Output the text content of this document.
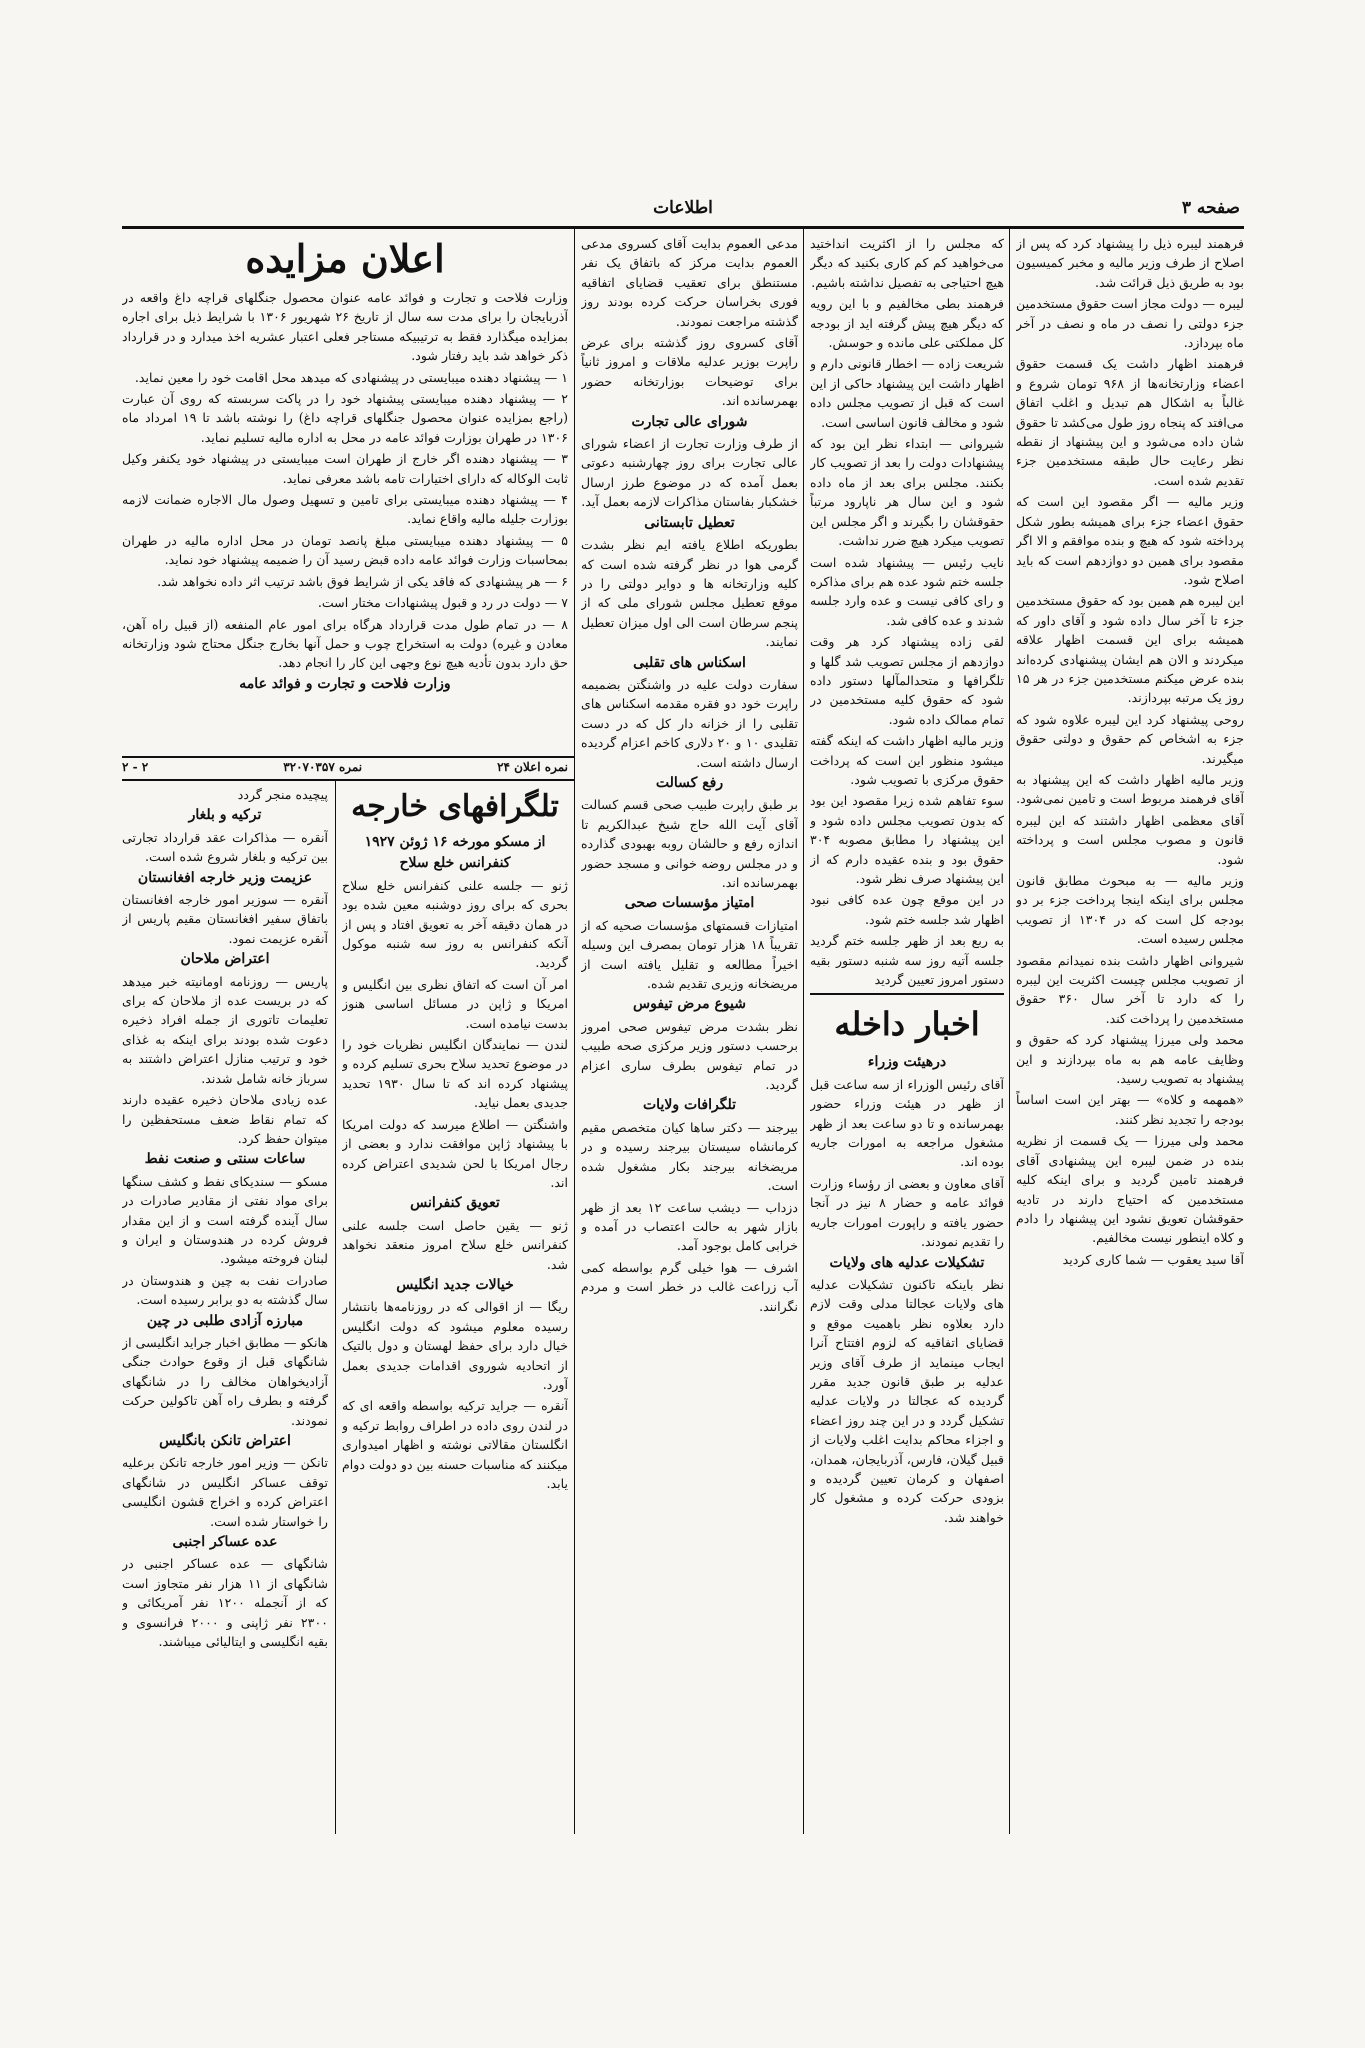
صفحه ۳
اطلاعات

فرهمند لیبره ذیل را پیشنهاد کرد که پس از اصلاح از طرف وزیر مالیه و مخبر کمیسیون بود به طریق ذیل قرائت شد.

لیبره — دولت مجاز است حقوق مستخدمین جزء دولتی را نصف در ماه و نصف در آخر ماه بپردازد.

فرهمند اظهار داشت یک قسمت حقوق اعضاء وزارتخانه‌ها از ۹۶۸ تومان شروع و غالباً به اشکال هم تبدیل و اغلب اتفاق می‌افتد که پنجاه روز طول می‌کشد تا حقوق شان داده می‌شود و این پیشنهاد از نقطه نظر رعایت حال طبقه مستخدمین جزء تقدیم شده است.

وزیر مالیه — اگر مقصود این است که حقوق اعضاء جزء برای همیشه بطور شکل پرداخته شود که هیچ و بنده موافقم و الا اگر مقصود برای همین دو دوازدهم است که باید اصلاح شود.

این لیبره هم همین بود که حقوق مستخدمین جزء تا آخر سال داده شود و آقای داور که همیشه برای این قسمت اظهار علاقه میکردند و الان هم ایشان پیشنهادی کرده‌اند بنده عرض میکنم مستخدمین جزء در هر ۱۵ روز یک مرتبه بپردازند.

روحی پیشنهاد کرد این لیبره علاوه شود که جزء به اشخاص کم حقوق و دولتی حقوق میگیرند.

وزیر مالیه اظهار داشت که این پیشنهاد به آقای فرهمند مربوط است و تامین نمی‌شود.

آقای معظمی اظهار داشتند که این لیبره قانون و مصوب مجلس است و پرداخته شود.

وزیر مالیه — به مبحوث مطابق قانون مجلس برای اینکه اینجا پرداخت جزء بر دو بودجه کل است که در ۱۳۰۴ از تصویب مجلس رسیده است.

شیروانی اظهار داشت بنده نمیدانم مقصود از تصویب مجلس چیست اکثریت این لیبره را که دارد تا آخر سال ۳۶۰ حقوق مستخدمین را پرداخت کند.

محمد ولی میرزا پیشنهاد کرد که حقوق و وظایف عامه هم به ماه بپردازند و این پیشنهاد به تصویب رسید.

«همهمه و کلاه» — بهتر این است اساساً بودجه را تجدید نظر کنند.

محمد ولی میرزا — یک قسمت از نظریه بنده در ضمن لیبره این پیشنهادی آقای فرهمند تامین گردید و برای اینکه کلیه مستخدمین که احتیاج دارند در تادیه حقوقشان تعویق نشود این پیشنهاد را دادم و کلاه اینطور نیست مخالفیم.

آقا سید یعقوب — شما کاری کردید

که مجلس را از اکثریت انداختید می‌خواهید کم کم کاری بکنید که دیگر هیچ احتیاجی به تفصیل نداشته باشیم.

فرهمند بطی مخالفیم و با این رویه که دیگر هیچ پیش گرفته اید از بودجه کل مملکتی علی مانده و حوسش.

شریعت زاده — اخطار قانونی دارم و اظهار داشت این پیشنهاد حاکی از این است که قبل از تصویب مجلس داده شود و مخالف قانون اساسی است.

شیروانی — ابتداء نظر این بود که پیشنهادات دولت را بعد از تصویب کار بکنند. مجلس برای بعد از ماه داده شود و این سال هر ناپارود مرتباً حقوقشان را بگیرند و اگر مجلس این تصویب میکرد هیچ ضرر نداشت.

نایب رئیس — پیشنهاد شده است جلسه ختم شود عده هم برای مذاکره و رای کافی نیست و عده وارد جلسه شدند و عده کافی شد.

لقی زاده پیشنهاد کرد هر وقت دوازدهم از مجلس تصویب شد گلها و تلگرافها و متحدالمآلها دستور داده شود که حقوق کلیه مستخدمین در تمام ممالک داده شود.

وزیر مالیه اظهار داشت که اینکه گفته میشود منظور این است که پرداخت حقوق مرکزی با تصویب شود.

سوء تفاهم شده زیرا مقصود این بود که بدون تصویب مجلس داده شود و این پیشنهاد را مطابق مصوبه ۳۰۴ حقوق بود و بنده عقیده دارم که از این پیشنهاد صرف نظر شود.

در این موقع چون عده کافی نبود اظهار شد جلسه ختم شود.

به ربع بعد از ظهر جلسه ختم گردید جلسه آتیه روز سه شنبه دستور بقیه دستور امروز تعیین گردید

اخبار داخله
درهیئت وزراء

آقای رئیس الوزراء از سه ساعت قبل از ظهر در هیئت وزراء حضور بهمرسانده و تا دو ساعت بعد از ظهر مشغول مراجعه به امورات جاریه بوده اند.

آقای معاون و بعضی از رؤساء وزارت فوائد عامه و حضار ۸ نیز در آنجا حضور یافته و راپورت امورات جاریه را تقدیم نمودند.

تشکیلات عدلیه های ولایات

نظر باینکه تاکنون تشکیلات عدلیه های ولایات عجالتا مدلی وقت لازم دارد بعلاوه نظر باهمیت موقع و قضایای اتفاقیه که لزوم افتتاح آنرا ایجاب مینماید از طرف آقای وزیر عدلیه بر طبق قانون جدید مقرر گردیده که عجالتا در ولایات عدلیه تشکیل گردد و در این چند روز اعضاء و اجزاء محاکم بدایت اغلب ولایات از قبیل گیلان، فارس، آذربایجان، همدان، اصفهان و کرمان تعیین گردیده و بزودی حرکت کرده و مشغول کار خواهند شد.

مدعی العموم بدایت آقای کسروی مدعی العموم بدایت مرکز که باتفاق یک نفر مستنطق برای تعقیب قضایای اتفاقیه فوری بخراسان حرکت کرده بودند روز گذشته مراجعت نمودند.

آقای کسروی روز گذشته برای عرض راپرت بوزیر عدلیه ملاقات و امروز ثانیاً برای توضیحات بوزارتخانه حضور بهمرسانده اند.

شورای عالی تجارت

از طرف وزارت تجارت از اعضاء شورای عالی تجارت برای روز چهارشنبه دعوتی بعمل آمده که در موضوع طرز ارسال خشکبار بفاستان مذاکرات لازمه بعمل آید.

تعطیل تابستانی

بطوریکه اطلاع یافته ایم نظر بشدت گرمی هوا در نظر گرفته شده است که کلیه وزارتخانه ها و دوایر دولتی را در موقع تعطیل مجلس شورای ملی که از پنجم سرطان است الی اول میزان تعطیل نمایند.

اسکناس های تقلبی

سفارت دولت علیه در واشنگتن بضمیمه راپرت خود دو فقره مقدمه اسکناس های تقلبی را از خزانه دار کل که در دست تقلیدی ۱۰ و ۲۰ دلاری کاخم اعزام گردیده ارسال داشته است.

رفع کسالت

بر طبق راپرت طبیب صحی قسم کسالت آقای آیت الله حاج شیخ عبدالکریم تا اندازه رفع و حالشان روبه بهبودی گذارده و در مجلس روضه خوانی و مسجد حضور بهمرسانده اند.

امتیاز مؤسسات صحی

امتیازات قسمتهای مؤسسات صحیه که از تقریباً ۱۸ هزار تومان بمصرف این وسیله اخیراً مطالعه و تقلیل یافته است از مریضخانه وزیری تقدیم شده.

شیوع مرض تیفوس

نظر بشدت مرض تیفوس صحی امروز برحسب دستور وزیر مرکزی صحه طبیب در تمام تیفوس بطرف ساری اعزام گردید.

تلگرافات ولایات

بیرجند — دکتر ساها کیان متخصص مقیم کرمانشاه سیستان بیرجند رسیده و در مریضخانه بیرجند بکار مشغول شده است.

دزداب — دیشب ساعت ۱۲ بعد از ظهر بازار شهر به حالت اعتصاب در آمده و خرابی کامل بوجود آمد.

اشرف — هوا خیلی گرم بواسطه کمی آب زراعت غالب در خطر است و مردم نگرانند.

اعلان مزایده

وزارت فلاحت و تجارت و فوائد عامه عنوان محصول جنگلهای قراچه داغ واقعه در آذربایجان را برای مدت سه سال از تاریخ ۲۶ شهریور ۱۳۰۶ با شرایط ذیل برای اجاره بمزایده میگذارد فقط به ترتیبیکه مستاجر فعلی اعتبار عشریه اخذ میدارد و در قرارداد ذکر خواهد شد باید رفتار شود.

۱ — پیشنهاد دهنده میبایستی در پیشنهادی که میدهد محل اقامت خود را معین نماید.

۲ — پیشنهاد دهنده میبایستی پیشنهاد خود را در پاکت سربسته که روی آن عبارت (راجع بمزایده عنوان محصول جنگلهای قراچه داغ) را نوشته باشد تا ۱۹ امرداد ماه ۱۳۰۶ در طهران بوزارت فوائد عامه در محل به اداره مالیه تسلیم نماید.

۳ — پیشنهاد دهنده اگر خارج از طهران است میبایستی در پیشنهاد خود یکنفر وکیل ثابت الوکاله که دارای اختیارات تامه باشد معرفی نماید.

۴ — پیشنهاد دهنده میبایستی برای تامین و تسهیل وصول مال الاجاره ضمانت لازمه بوزارت جلیله مالیه واقاع نماید.

۵ — پیشنهاد دهنده میبایستی مبلغ پانصد تومان در محل اداره مالیه در طهران بمحاسبات وزارت فوائد عامه داده قبض رسید آن را ضمیمه پیشنهاد خود نماید.

۶ — هر پیشنهادی که فاقد یکی از شرایط فوق باشد ترتیب اثر داده نخواهد شد.

۷ — دولت در رد و قبول پیشنهادات مختار است.

۸ — در تمام طول مدت قرارداد هرگاه برای امور عام المنفعه (از قبیل راه آهن، معادن و غیره) دولت به استخراج چوب و حمل آنها بخارج جنگل محتاج شود وزارتخانه حق دارد بدون تأدیه هیچ نوع وجهی این کار را انجام دهد.

وزارت فلاحت و تجارت و فوائد عامه
نمره اعلان ۲۴
نمره ۳۲۰۷۰۳۵۷
۲ - ۲
تلگرافهای خارجه
از مسکو مورخه ۱۶ ژوئن ۱۹۲۷
کنفرانس خلع سلاح

ژنو — جلسه علنی کنفرانس خلع سلاح بحری که برای روز دوشنبه معین شده بود در همان دقیقه آخر به تعویق افتاد و پس از آنکه کنفرانس به روز سه شنبه موکول گردید.

امر آن است که اتفاق نظری بین انگلیس و امریکا و ژاپن در مسائل اساسی هنوز بدست نیامده است.

لندن — نمایندگان انگلیس نظریات خود را در موضوع تحدید سلاح بحری تسلیم کرده و پیشنهاد کرده اند که تا سال ۱۹۳۰ تحدید جدیدی بعمل نیاید.

واشنگتن — اطلاع میرسد که دولت امریکا با پیشنهاد ژاپن موافقت ندارد و بعضی از رجال امریکا با لحن شدیدی اعتراض کرده اند.

تعویق کنفرانس

ژنو — یقین حاصل است جلسه علنی کنفرانس خلع سلاح امروز منعقد نخواهد شد.

خیالات جدید انگلیس

ریگا — از اقوالی که در روزنامه‌ها بانتشار رسیده معلوم میشود که دولت انگلیس خیال دارد برای حفظ لهستان و دول بالتیک از اتحادیه شوروی اقدامات جدیدی بعمل آورد.

آنقره — جراید ترکیه بواسطه واقعه ای که در لندن روی داده در اطراف روابط ترکیه و انگلستان مقالاتی نوشته و اظهار امیدواری میکنند که مناسبات حسنه بین دو دولت دوام یابد.

پیچیده منجر گردد

ترکیه و بلغار

آنقره — مذاکرات عقد قرارداد تجارتی بین ترکیه و بلغار شروع شده است.

عزیمت وزیر خارجه افغانستان

آنقره — سوزیر امور خارجه افغانستان باتفاق سفیر افغانستان مقیم پاریس از آنقره عزیمت نمود.

اعتراض ملاحان

پاریس — روزنامه اومانیته خبر میدهد که در بریست عده از ملاحان که برای تعلیمات تاتوری از جمله افراد ذخیره دعوت شده بودند برای اینکه به غذای خود و ترتیب منازل اعتراض داشتند به سرباز خانه شامل شدند.

عده زیادی ملاحان ذخیره عقیده دارند که تمام نقاط ضعف مستحفظین را میتوان حفظ کرد.

ساعات سنتی و صنعت نفط

مسکو — سندیکای نفط و کشف سنگها برای مواد نفتی از مقادیر صادرات در سال آینده گرفته است و از این مقدار فروش کرده در هندوستان و ایران و لبنان فروخته میشود.

صادرات نفت به چین و هندوستان در سال گذشته به دو برابر رسیده است.

مبارزه آزادی طلبی در چین

هانکو — مطابق اخبار جراید انگلیسی از شانگهای قبل از وقوع حوادث جنگی آزادیخواهان مخالف را در شانگهای گرفته و بطرف راه آهن تاکولین حرکت نمودند.

اعتراض تانکن بانگلیس

تانکن — وزیر امور خارجه تانکن برعلیه توقف عساکر انگلیس در شانگهای اعتراض کرده و اخراج قشون انگلیسی را خواستار شده است.

عده عساکر اجنبی

شانگهای — عده عساکر اجنبی در شانگهای از ۱۱ هزار نفر متجاوز است که از آنجمله ۱۲۰۰ نفر آمریکائی و ۲۳۰۰ نفر ژاپنی و ۲۰۰۰ فرانسوی و بقیه انگلیسی و ایتالیائی میباشند.
